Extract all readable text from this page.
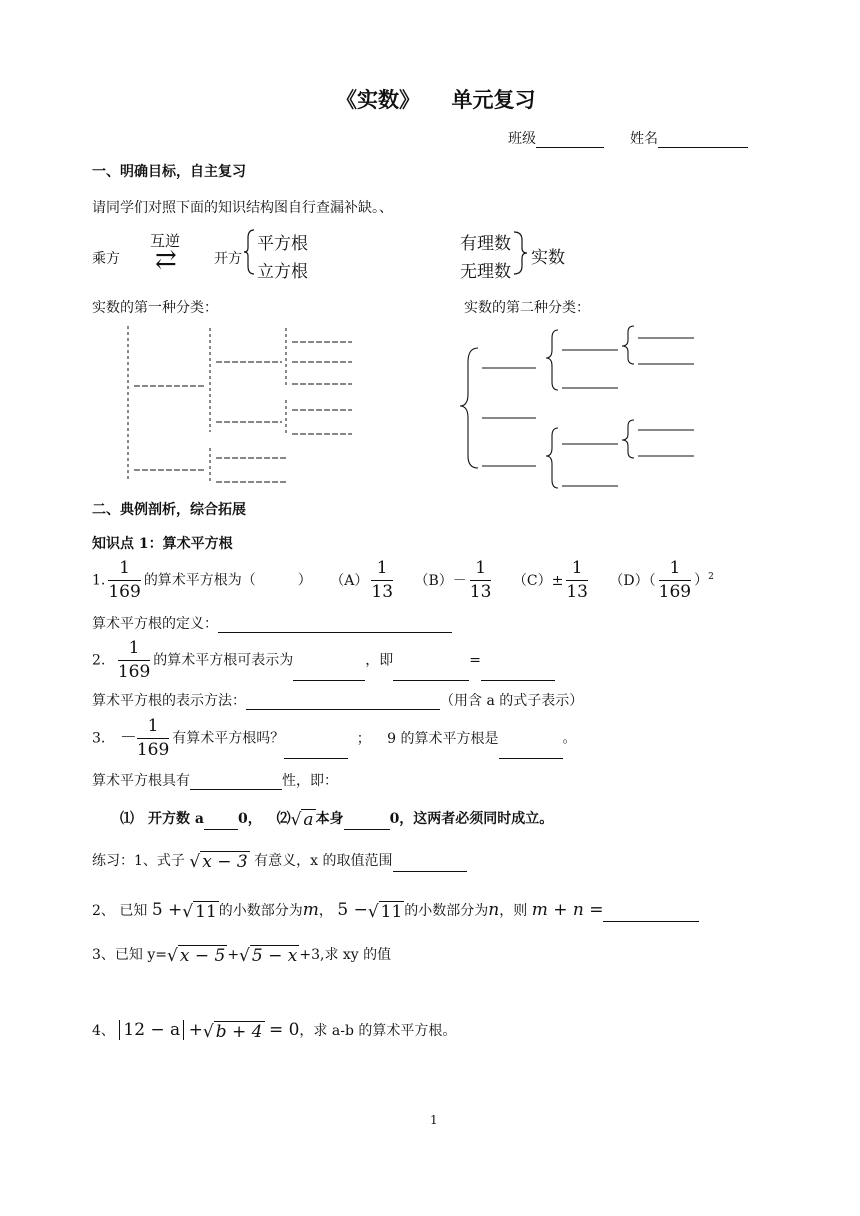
《实数》　　单元复习
班级	姓名
一、明确目标，自主复习
请同学们对照下面的知识结构图自行查漏补缺。、
乘方
互逆
⇄	开方
平方根
立方根
有理数
无理数
实数
实数的第一种分类：	实数的第二种分类：
二、典例剖析，综合拓展
知识点 1：算术平方根
1. $\frac{1}{169}$ 的算术平方根为（　　　） $(A) \frac{1}{13} (B)- \frac{1}{13} (C)\pm \frac{1}{13} (D)( \frac{1}{169} )^2$
算术平方根的定义：
2. $\frac{1}{169}$ 的算术平方根可表示为	，即	=
算术平方根的表示方法：	（用含 a 的式子表示）
3. － $\frac{1}{169}$ 有算术平方根吗？	； 9 的算术平方根是	。
算术平方根具有	性，即：
⑴　开方数 a 0， ⑵√ a 本身	0，这两者必须同时成立。
练习：1、式子 √ x − 3 有意义，x 的取值范围
2、 已知 5 +√ 11 的小数部分为m， 5 −√ 11 的小数部分为n，则 m + n =
3、已知 y=√ x − 5 +√ 5 − x +3,求 xy 的值
4、 12 − a +√ b + 4 = 0，求 a-b 的算术平方根。
1
